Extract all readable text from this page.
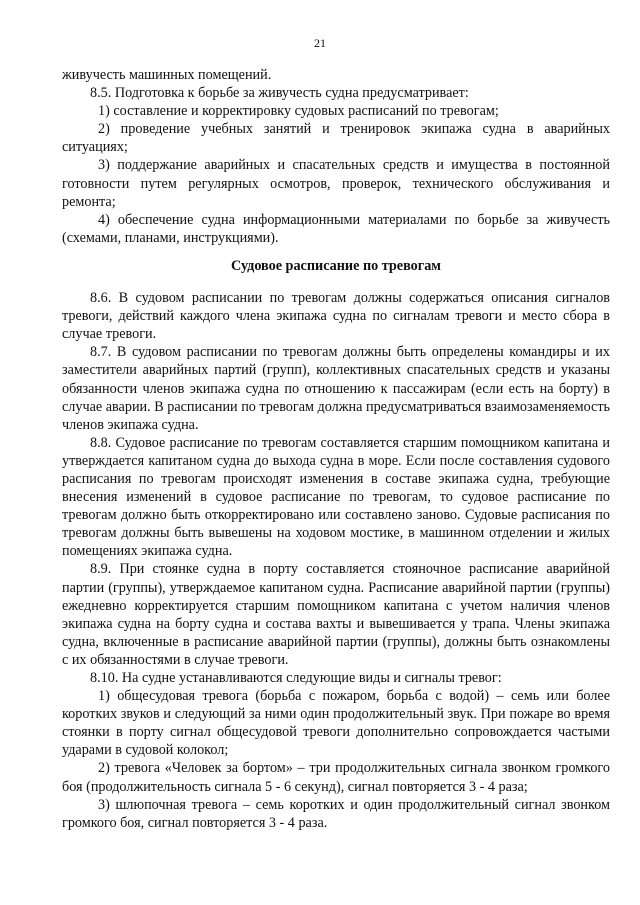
21

живучесть машинных помещений.

8.5. Подготовка к борьбе за живучесть судна предусматривает:

1) составление и корректировку судовых расписаний по тревогам;

2) проведение учебных занятий и тренировок экипажа судна в аварийных ситуациях;

3) поддержание аварийных и спасательных средств и имущества в постоянной готовности путем регулярных осмотров, проверок, технического обслуживания и ремонта;

4) обеспечение судна информационными материалами по борьбе за живучесть (схемами, планами, инструкциями).

Судовое расписание по тревогам

8.6. В судовом расписании по тревогам должны содержаться описания сигналов тревоги, действий каждого члена экипажа судна по сигналам тревоги и место сбора в случае тревоги.

8.7. В судовом расписании по тревогам должны быть определены командиры и их заместители аварийных партий (групп), коллективных спасательных средств и указаны обязанности членов экипажа судна по отношению к пассажирам (если есть на борту) в случае аварии. В расписании по тревогам должна предусматриваться взаимозаменяемость членов экипажа судна.

8.8. Судовое расписание по тревогам составляется старшим помощником капитана и утверждается капитаном судна до выхода судна в море. Если после составления судового расписания по тревогам происходят изменения в составе экипажа судна, требующие внесения изменений в судовое расписание по тревогам, то судовое расписание по тревогам должно быть откорректировано или составлено заново. Судовые расписания по тревогам должны быть вывешены на ходовом мостике, в машинном отделении и жилых помещениях экипажа судна.

8.9. При стоянке судна в порту составляется стояночное расписание аварийной партии (группы), утверждаемое капитаном судна. Расписание аварийной партии (группы) ежедневно корректируется старшим помощником капитана с учетом наличия членов экипажа судна на борту судна и состава вахты и вывешивается у трапа. Члены экипажа судна, включенные в расписание аварийной партии (группы), должны быть ознакомлены с их обязанностями в случае тревоги.

8.10. На судне устанавливаются следующие виды и сигналы тревог:

1) общесудовая тревога (борьба с пожаром, борьба с водой) – семь или более коротких звуков и следующий за ними один продолжительный звук. При пожаре во время стоянки в порту сигнал общесудовой тревоги дополнительно сопровождается частыми ударами в судовой колокол;

2) тревога «Человек за бортом» – три продолжительных сигнала звонком громкого боя (продолжительность сигнала 5 - 6 секунд), сигнал повторяется 3 - 4 раза;

3) шлюпочная тревога – семь коротких и один продолжительный сигнал звонком громкого боя, сигнал повторяется 3 - 4 раза.
